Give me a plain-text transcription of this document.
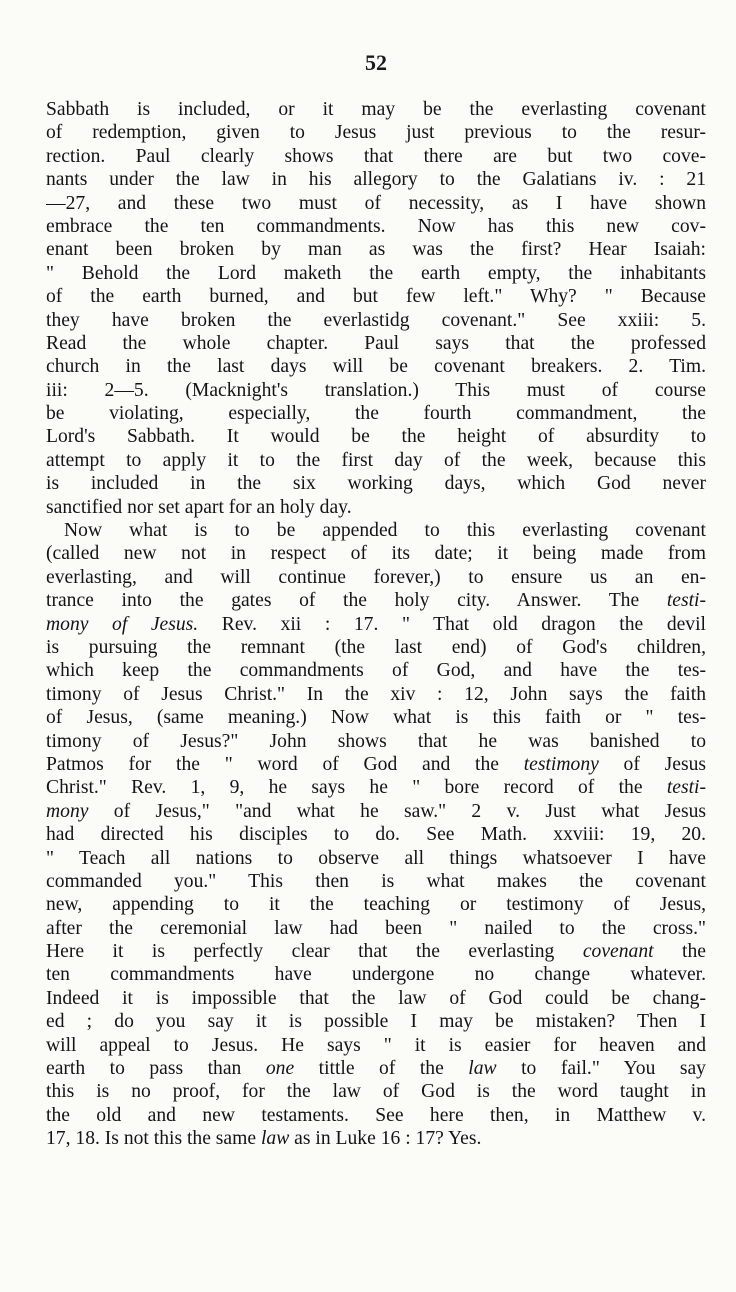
52
Sabbath is included, or it may be the everlasting covenant
of redemption, given to Jesus just previous to the resur-
rection. Paul clearly shows that there are but two cove-
nants under the law in his allegory to the Galatians iv. : 21
—27, and these two must of necessity, as I have shown
embrace the ten commandments. Now has this new cov-
enant been broken by man as was the first? Hear Isaiah:
" Behold the Lord maketh the earth empty, the inhabitants
of the earth burned, and but few left." Why? " Because
they have broken the everlastidg covenant." See xxiii: 5.
Read the whole chapter. Paul says that the professed
church in the last days will be covenant breakers. 2. Tim.
iii: 2—5. (Macknight's translation.) This must of course
be violating, especially, the fourth commandment, the
Lord's Sabbath. It would be the height of absurdity to
attempt to apply it to the first day of the week, because this
is included in the six working days, which God never
sanctified nor set apart for an holy day.
Now what is to be appended to this everlasting covenant
(called new not in respect of its date; it being made from
everlasting, and will continue forever,) to ensure us an en-
trance into the gates of the holy city. Answer. The testi-
mony of Jesus. Rev. xii : 17. " That old dragon the devil
is pursuing the remnant (the last end) of God's children,
which keep the commandments of God, and have the tes-
timony of Jesus Christ." In the xiv : 12, John says the faith
of Jesus, (same meaning.) Now what is this faith or " tes-
timony of Jesus?" John shows that he was banished to
Patmos for the " word of God and the testimony of Jesus
Christ." Rev. 1, 9, he says he " bore record of the testi-
mony of Jesus," "and what he saw." 2 v. Just what Jesus
had directed his disciples to do. See Math. xxviii: 19, 20.
" Teach all nations to observe all things whatsoever I have
commanded you." This then is what makes the covenant
new, appending to it the teaching or testimony of Jesus,
after the ceremonial law had been " nailed to the cross."
Here it is perfectly clear that the everlasting covenant the
ten commandments have undergone no change whatever.
Indeed it is impossible that the law of God could be chang-
ed ; do you say it is possible I may be mistaken? Then I
will appeal to Jesus. He says " it is easier for heaven and
earth to pass than one tittle of the law to fail." You say
this is no proof, for the law of God is the word taught in
the old and new testaments. See here then, in Matthew v.
17, 18. Is not this the same law as in Luke 16 : 17? Yes.
